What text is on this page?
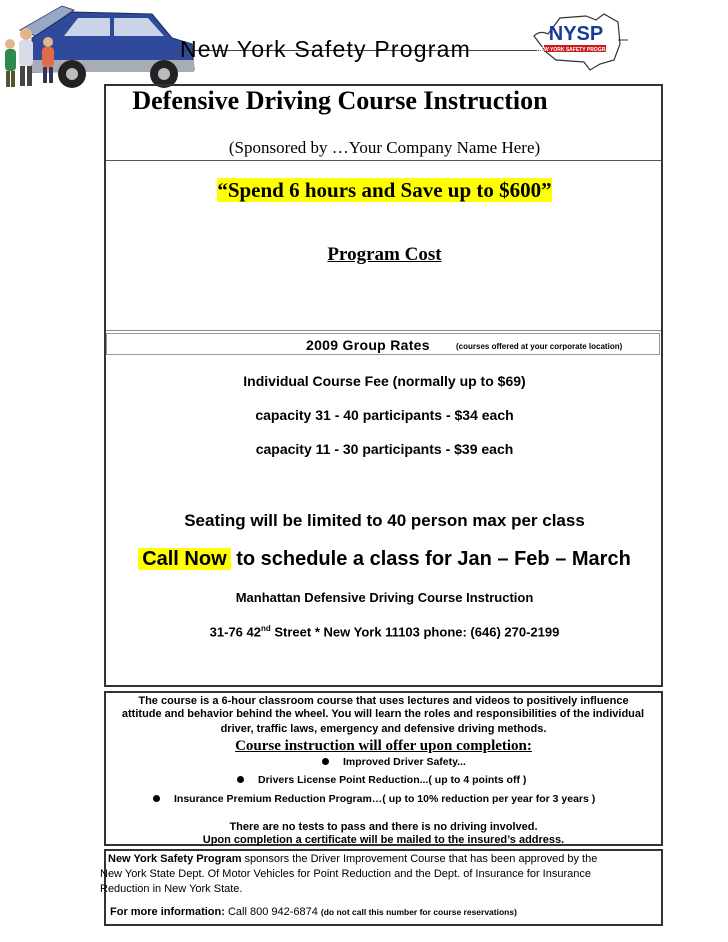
New York Safety Program
NYSP
NEW YORK SAFETY PROGRAM
Defensive Driving Course Instruction
(Sponsored by …Your Company Name Here)
“Spend 6 hours and Save up to $600”
Program Cost
2009 Group Rates	(courses offered at your corporate location)
Individual Course Fee (normally up to $69)
capacity 31 - 40 participants - $34 each
capacity 11 - 30 participants - $39 each
Seating will be limited to 40 person max per class
Call Now to schedule a class for Jan – Feb – March
Manhattan Defensive Driving Course Instruction
31-76 42nd Street * New York 11103 phone: (646) 270-2199
The course is a 6-hour classroom course that uses lectures and videos to positively influence
attitude and behavior behind the wheel. You will learn the roles and responsibilities of the individual
driver, traffic laws, emergency and defensive driving methods.
Course instruction will offer upon completion:
Improved Driver Safety...
Drivers License Point Reduction...( up to 4 points off )
Insurance Premium Reduction Program…( up to 10% reduction per year for 3 years )
There are no tests to pass and there is no driving involved.
Upon completion a certificate will be mailed to the insured’s address.
New York Safety Program sponsors the Driver Improvement Course that has been approved by the
New York State Dept. Of Motor Vehicles for Point Reduction and the Dept. of Insurance for Insurance
Reduction in New York State.
For more information: Call 800 942-6874 (do not call this number for course reservations)
